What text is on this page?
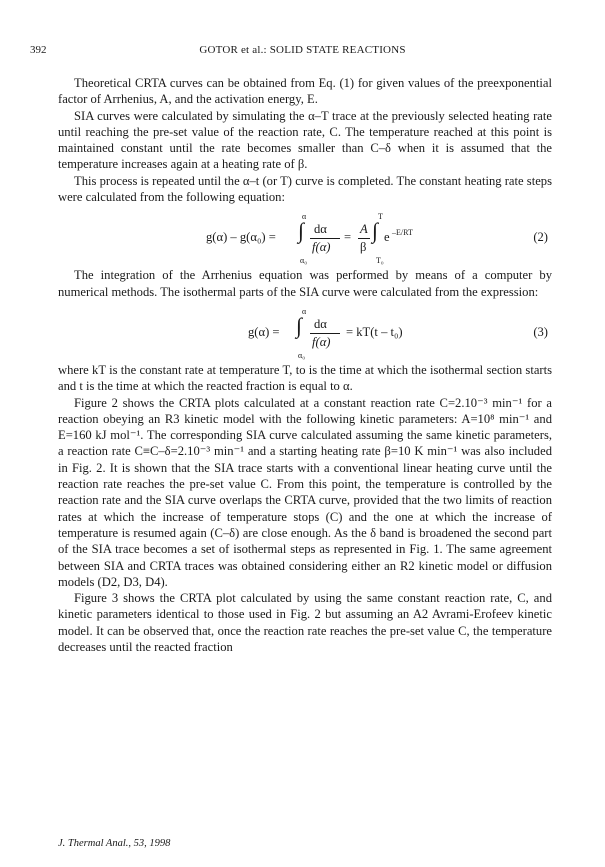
392	GOTOR et al.: SOLID STATE REACTIONS

Theoretical CRTA curves can be obtained from Eq. (1) for given values of the preexponential factor of Arrhenius, A, and the activation energy, E.

SIA curves were calculated by simulating the α–T trace at the previously selected heating rate until reaching the pre-set value of the reaction rate, C. The temperature reached at this point is maintained constant until the rate becomes smaller than C–δ when it is assumed that the temperature increases again at a heating rate of β.

This process is repeated until the α–t (or T) curve is completed. The constant heating rate steps were calculated from the following equation:

g(α) – g(α₀) =
α
∫
α₀
dα
f(α)
=
A
β
T
∫
T₀
e –E/RT	(2)

The integration of the Arrhenius equation was performed by means of a computer by numerical methods. The isothermal parts of the SIA curve were calculated from the expression:

g(α) =
α
∫
α₀
dα
f(α)
= kT(t – t₀)	(3)

where kT is the constant rate at temperature T, to is the time at which the isothermal section starts and t is the time at which the reacted fraction is equal to α.

Figure 2 shows the CRTA plots calculated at a constant reaction rate C=2.10⁻³ min⁻¹ for a reaction obeying an R3 kinetic model with the following kinetic parameters: A=10⁸ min⁻¹ and E=160 kJ mol⁻¹. The corresponding SIA curve calculated assuming the same kinetic parameters, a reaction rate C≡C–δ=2.10⁻³ min⁻¹ and a starting heating rate β=10 K min⁻¹ was also included in Fig. 2. It is shown that the SIA trace starts with a conventional linear heating curve until the reaction rate reaches the pre-set value C. From this point, the temperature is controlled by the reaction rate and the SIA curve overlaps the CRTA curve, provided that the two limits of reaction rates at which the increase of temperature stops (C) and the one at which the increase of temperature is resumed again (C–δ) are close enough. As the δ band is broadened the second part of the SIA trace becomes a set of isothermal steps as represented in Fig. 1. The same agreement between SIA and CRTA traces was obtained considering either an R2 kinetic model or diffusion models (D2, D3, D4).

Figure 3 shows the CRTA plot calculated by using the same constant reaction rate, C, and kinetic parameters identical to those used in Fig. 2 but assuming an A2 Avrami-Erofeev kinetic model. It can be observed that, once the reaction rate reaches the pre-set value C, the temperature decreases until the reacted fraction

J. Thermal Anal., 53, 1998
